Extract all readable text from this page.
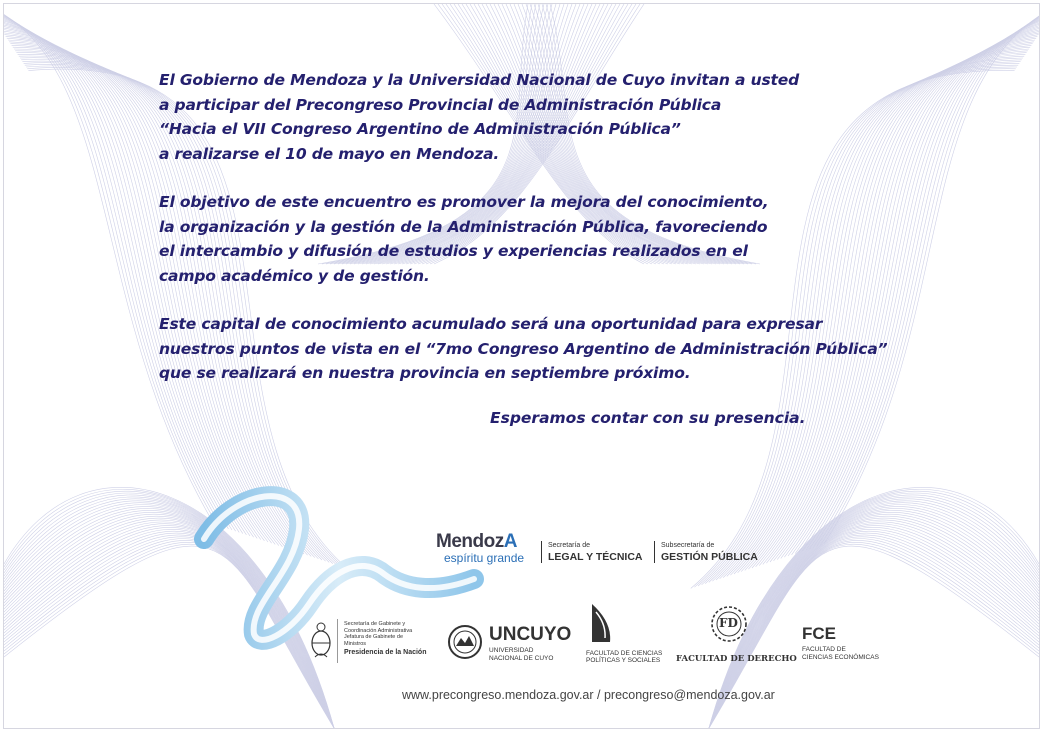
El Gobierno de Mendoza y la Universidad Nacional de Cuyo invitan a usted
a participar del Precongreso Provincial de Administración Pública
“Hacia el VII Congreso Argentino de Administración Pública”
a realizarse el 10 de mayo en Mendoza.

El objetivo de este encuentro es promover la mejora del conocimiento,
la organización y la gestión de la Administración Pública, favoreciendo
el intercambio y difusión de estudios y experiencias realizados en el
campo académico y de gestión.

Este capital de conocimiento acumulado será una oportunidad para expresar
nuestros puntos de vista en el “7mo Congreso Argentino de Administración Pública”
que se realizará en nuestra provincia en septiembre próximo.

Esperamos contar con su presencia.
MendozA
espíritu grande
Secretaría de
LEGAL Y TÉCNICA
Subsecretaría de
GESTIÓN PÚBLICA
Secretaría de Gabinete y
Coordinación Administrativa
Jefatura de Gabinete de Ministros
Presidencia de la Nación
UNCUYO
UNIVERSIDAD
NACIONAL DE CUYO
FACULTAD DE CIENCIAS
POLÍTICAS Y SOCIALES
FD
FACULTAD DE DERECHO
FCE
FACULTAD DE
CIENCIAS ECONÓMICAS
www.precongreso.mendoza.gov.ar / precongreso@mendoza.gov.ar
